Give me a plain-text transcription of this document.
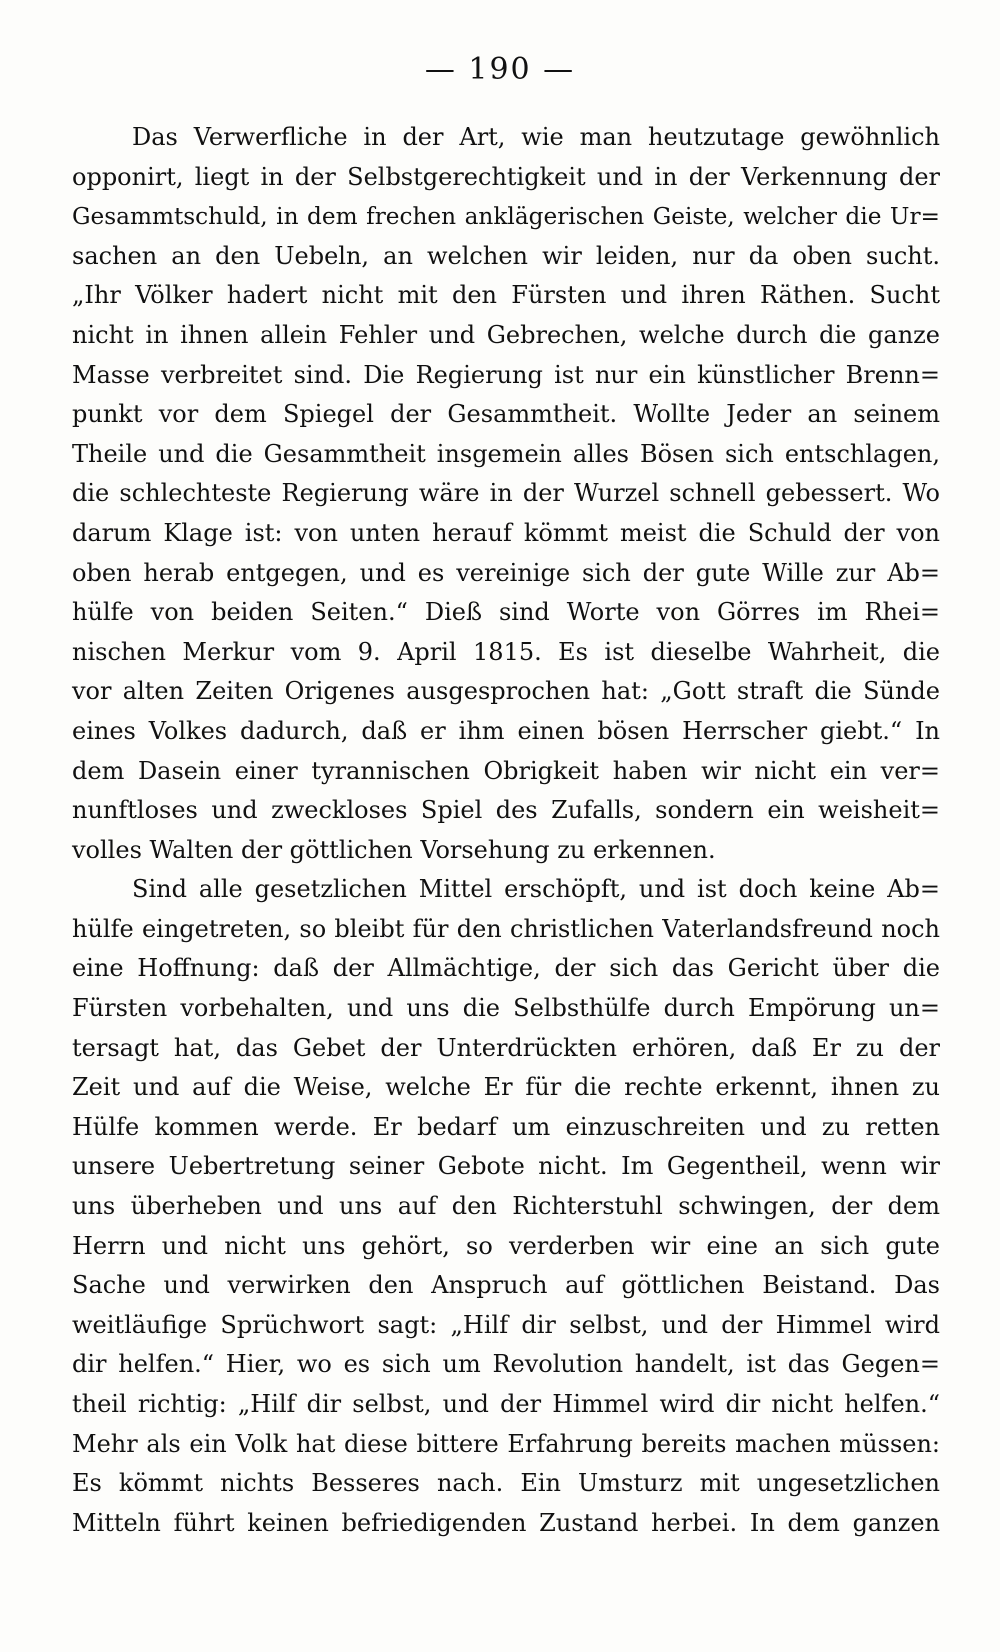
— 190 —
Das Verwerfliche in der Art, wie man heutzutage gewöhnlich
opponirt, liegt in der Selbstgerechtigkeit und in der Verkennung der
Gesammtschuld, in dem frechen anklägerischen Geiste, welcher die Ur=
sachen an den Uebeln, an welchen wir leiden, nur da oben sucht.
„Ihr Völker hadert nicht mit den Fürsten und ihren Räthen. Sucht
nicht in ihnen allein Fehler und Gebrechen, welche durch die ganze
Masse verbreitet sind. Die Regierung ist nur ein künstlicher Brenn=
punkt vor dem Spiegel der Gesammtheit. Wollte Jeder an seinem
Theile und die Gesammtheit insgemein alles Bösen sich entschlagen,
die schlechteste Regierung wäre in der Wurzel schnell gebessert. Wo
darum Klage ist: von unten herauf kömmt meist die Schuld der von
oben herab entgegen, und es vereinige sich der gute Wille zur Ab=
hülfe von beiden Seiten.“ Dieß sind Worte von Görres im Rhei=
nischen Merkur vom 9. April 1815. Es ist dieselbe Wahrheit, die
vor alten Zeiten Origenes ausgesprochen hat: „Gott straft die Sünde
eines Volkes dadurch, daß er ihm einen bösen Herrscher giebt.“ In
dem Dasein einer tyrannischen Obrigkeit haben wir nicht ein ver=
nunftloses und zweckloses Spiel des Zufalls, sondern ein weisheit=
volles Walten der göttlichen Vorsehung zu erkennen.
Sind alle gesetzlichen Mittel erschöpft, und ist doch keine Ab=
hülfe eingetreten, so bleibt für den christlichen Vaterlandsfreund noch
eine Hoffnung: daß der Allmächtige, der sich das Gericht über die
Fürsten vorbehalten, und uns die Selbsthülfe durch Empörung un=
tersagt hat, das Gebet der Unterdrückten erhören, daß Er zu der
Zeit und auf die Weise, welche Er für die rechte erkennt, ihnen zu
Hülfe kommen werde. Er bedarf um einzuschreiten und zu retten
unsere Uebertretung seiner Gebote nicht. Im Gegentheil, wenn wir
uns überheben und uns auf den Richterstuhl schwingen, der dem
Herrn und nicht uns gehört, so verderben wir eine an sich gute
Sache und verwirken den Anspruch auf göttlichen Beistand. Das
weitläufige Sprüchwort sagt: „Hilf dir selbst, und der Himmel wird
dir helfen.“ Hier, wo es sich um Revolution handelt, ist das Gegen=
theil richtig: „Hilf dir selbst, und der Himmel wird dir nicht helfen.“
Mehr als ein Volk hat diese bittere Erfahrung bereits machen müssen:
Es kömmt nichts Besseres nach. Ein Umsturz mit ungesetzlichen
Mitteln führt keinen befriedigenden Zustand herbei. In dem ganzen
